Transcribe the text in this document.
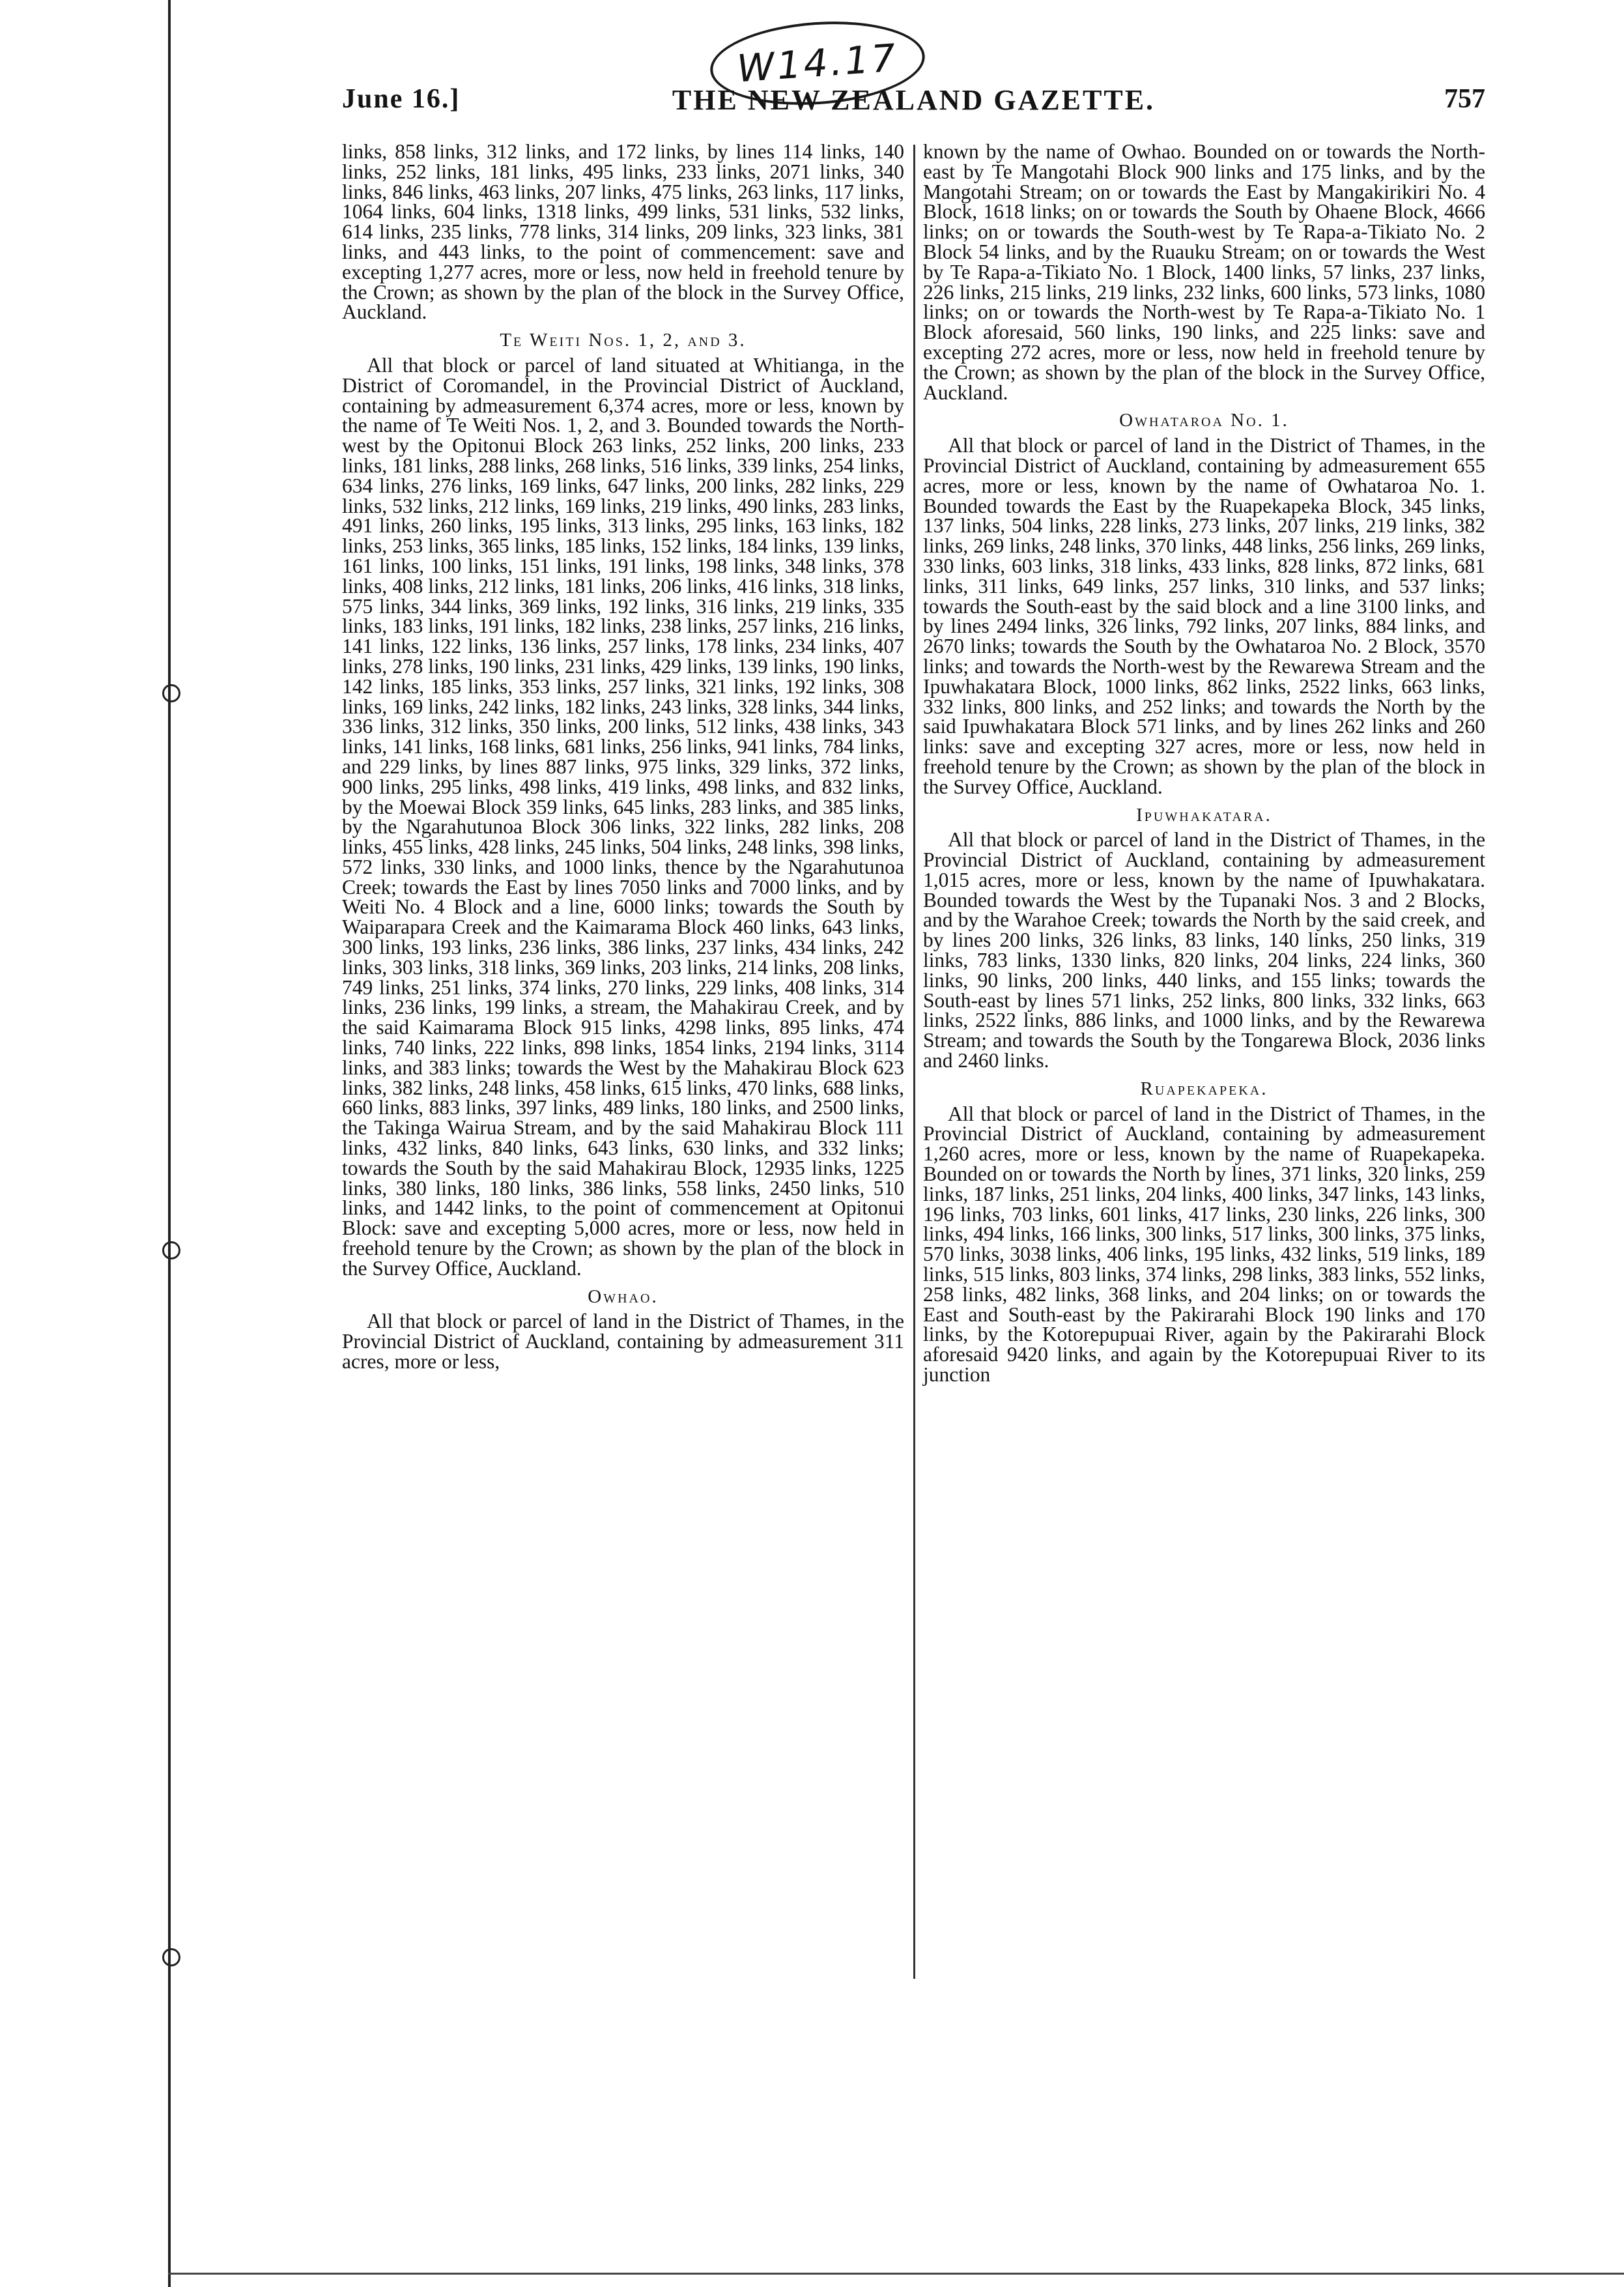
W14.17
June 16.]	THE NEW ZEALAND GAZETTE.	757

links, 858 links, 312 links, and 172 links, by lines 114 links, 140 links, 252 links, 181 links, 495 links, 233 links, 2071 links, 340 links, 846 links, 463 links, 207 links, 475 links, 263 links, 117 links, 1064 links, 604 links, 1318 links, 499 links, 531 links, 532 links, 614 links, 235 links, 778 links, 314 links, 209 links, 323 links, 381 links, and 443 links, to the point of commencement: save and excepting 1,277 acres, more or less, now held in freehold tenure by the Crown; as shown by the plan of the block in the Survey Office, Auckland.

Te Weiti Nos. 1, 2, and 3.

All that block or parcel of land situated at Whitianga, in the District of Coromandel, in the Provincial District of Auckland, containing by admeasurement 6,374 acres, more or less, known by the name of Te Weiti Nos. 1, 2, and 3. Bounded towards the North-west by the Opitonui Block 263 links, 252 links, 200 links, 233 links, 181 links, 288 links, 268 links, 516 links, 339 links, 254 links, 634 links, 276 links, 169 links, 647 links, 200 links, 282 links, 229 links, 532 links, 212 links, 169 links, 219 links, 490 links, 283 links, 491 links, 260 links, 195 links, 313 links, 295 links, 163 links, 182 links, 253 links, 365 links, 185 links, 152 links, 184 links, 139 links, 161 links, 100 links, 151 links, 191 links, 198 links, 348 links, 378 links, 408 links, 212 links, 181 links, 206 links, 416 links, 318 links, 575 links, 344 links, 369 links, 192 links, 316 links, 219 links, 335 links, 183 links, 191 links, 182 links, 238 links, 257 links, 216 links, 141 links, 122 links, 136 links, 257 links, 178 links, 234 links, 407 links, 278 links, 190 links, 231 links, 429 links, 139 links, 190 links, 142 links, 185 links, 353 links, 257 links, 321 links, 192 links, 308 links, 169 links, 242 links, 182 links, 243 links, 328 links, 344 links, 336 links, 312 links, 350 links, 200 links, 512 links, 438 links, 343 links, 141 links, 168 links, 681 links, 256 links, 941 links, 784 links, and 229 links, by lines 887 links, 975 links, 329 links, 372 links, 900 links, 295 links, 498 links, 419 links, 498 links, and 832 links, by the Moewai Block 359 links, 645 links, 283 links, and 385 links, by the Ngarahutunoa Block 306 links, 322 links, 282 links, 208 links, 455 links, 428 links, 245 links, 504 links, 248 links, 398 links, 572 links, 330 links, and 1000 links, thence by the Ngarahutunoa Creek; towards the East by lines 7050 links and 7000 links, and by Weiti No. 4 Block and a line, 6000 links; towards the South by Waiparapara Creek and the Kaimarama Block 460 links, 643 links, 300 links, 193 links, 236 links, 386 links, 237 links, 434 links, 242 links, 303 links, 318 links, 369 links, 203 links, 214 links, 208 links, 749 links, 251 links, 374 links, 270 links, 229 links, 408 links, 314 links, 236 links, 199 links, a stream, the Mahakirau Creek, and by the said Kaimarama Block 915 links, 4298 links, 895 links, 474 links, 740 links, 222 links, 898 links, 1854 links, 2194 links, 3114 links, and 383 links; towards the West by the Mahakirau Block 623 links, 382 links, 248 links, 458 links, 615 links, 470 links, 688 links, 660 links, 883 links, 397 links, 489 links, 180 links, and 2500 links, the Takinga Wairua Stream, and by the said Mahakirau Block 111 links, 432 links, 840 links, 643 links, 630 links, and 332 links; towards the South by the said Mahakirau Block, 12935 links, 1225 links, 380 links, 180 links, 386 links, 558 links, 2450 links, 510 links, and 1442 links, to the point of commencement at Opitonui Block: save and excepting 5,000 acres, more or less, now held in freehold tenure by the Crown; as shown by the plan of the block in the Survey Office, Auckland.

Owhao.

All that block or parcel of land in the District of Thames, in the Provincial District of Auckland, containing by admeasurement 311 acres, more or less,

known by the name of Owhao. Bounded on or towards the North-east by Te Mangotahi Block 900 links and 175 links, and by the Mangotahi Stream; on or towards the East by Mangakirikiri No. 4 Block, 1618 links; on or towards the South by Ohaene Block, 4666 links; on or towards the South-west by Te Rapa-a-Tikiato No. 2 Block 54 links, and by the Ruauku Stream; on or towards the West by Te Rapa-a-Tikiato No. 1 Block, 1400 links, 57 links, 237 links, 226 links, 215 links, 219 links, 232 links, 600 links, 573 links, 1080 links; on or towards the North-west by Te Rapa-a-Tikiato No. 1 Block aforesaid, 560 links, 190 links, and 225 links: save and excepting 272 acres, more or less, now held in freehold tenure by the Crown; as shown by the plan of the block in the Survey Office, Auckland.

Owhataroa No. 1.

All that block or parcel of land in the District of Thames, in the Provincial District of Auckland, containing by admeasurement 655 acres, more or less, known by the name of Owhataroa No. 1. Bounded towards the East by the Ruapekapeka Block, 345 links, 137 links, 504 links, 228 links, 273 links, 207 links, 219 links, 382 links, 269 links, 248 links, 370 links, 448 links, 256 links, 269 links, 330 links, 603 links, 318 links, 433 links, 828 links, 872 links, 681 links, 311 links, 649 links, 257 links, 310 links, and 537 links; towards the South-east by the said block and a line 3100 links, and by lines 2494 links, 326 links, 792 links, 207 links, 884 links, and 2670 links; towards the South by the Owhataroa No. 2 Block, 3570 links; and towards the North-west by the Rewarewa Stream and the Ipuwhakatara Block, 1000 links, 862 links, 2522 links, 663 links, 332 links, 800 links, and 252 links; and towards the North by the said Ipuwhakatara Block 571 links, and by lines 262 links and 260 links: save and excepting 327 acres, more or less, now held in freehold tenure by the Crown; as shown by the plan of the block in the Survey Office, Auckland.

Ipuwhakatara.

All that block or parcel of land in the District of Thames, in the Provincial District of Auckland, containing by admeasurement 1,015 acres, more or less, known by the name of Ipuwhakatara. Bounded towards the West by the Tupanaki Nos. 3 and 2 Blocks, and by the Warahoe Creek; towards the North by the said creek, and by lines 200 links, 326 links, 83 links, 140 links, 250 links, 319 links, 783 links, 1330 links, 820 links, 204 links, 224 links, 360 links, 90 links, 200 links, 440 links, and 155 links; towards the South-east by lines 571 links, 252 links, 800 links, 332 links, 663 links, 2522 links, 886 links, and 1000 links, and by the Rewarewa Stream; and towards the South by the Tongarewa Block, 2036 links and 2460 links.

Ruapekapeka.

All that block or parcel of land in the District of Thames, in the Provincial District of Auckland, containing by admeasurement 1,260 acres, more or less, known by the name of Ruapekapeka. Bounded on or towards the North by lines, 371 links, 320 links, 259 links, 187 links, 251 links, 204 links, 400 links, 347 links, 143 links, 196 links, 703 links, 601 links, 417 links, 230 links, 226 links, 300 links, 494 links, 166 links, 300 links, 517 links, 300 links, 375 links, 570 links, 3038 links, 406 links, 195 links, 432 links, 519 links, 189 links, 515 links, 803 links, 374 links, 298 links, 383 links, 552 links, 258 links, 482 links, 368 links, and 204 links; on or towards the East and South-east by the Pakirarahi Block 190 links and 170 links, by the Kotorepupuai River, again by the Pakirarahi Block aforesaid 9420 links, and again by the Kotorepupuai River to its junction
